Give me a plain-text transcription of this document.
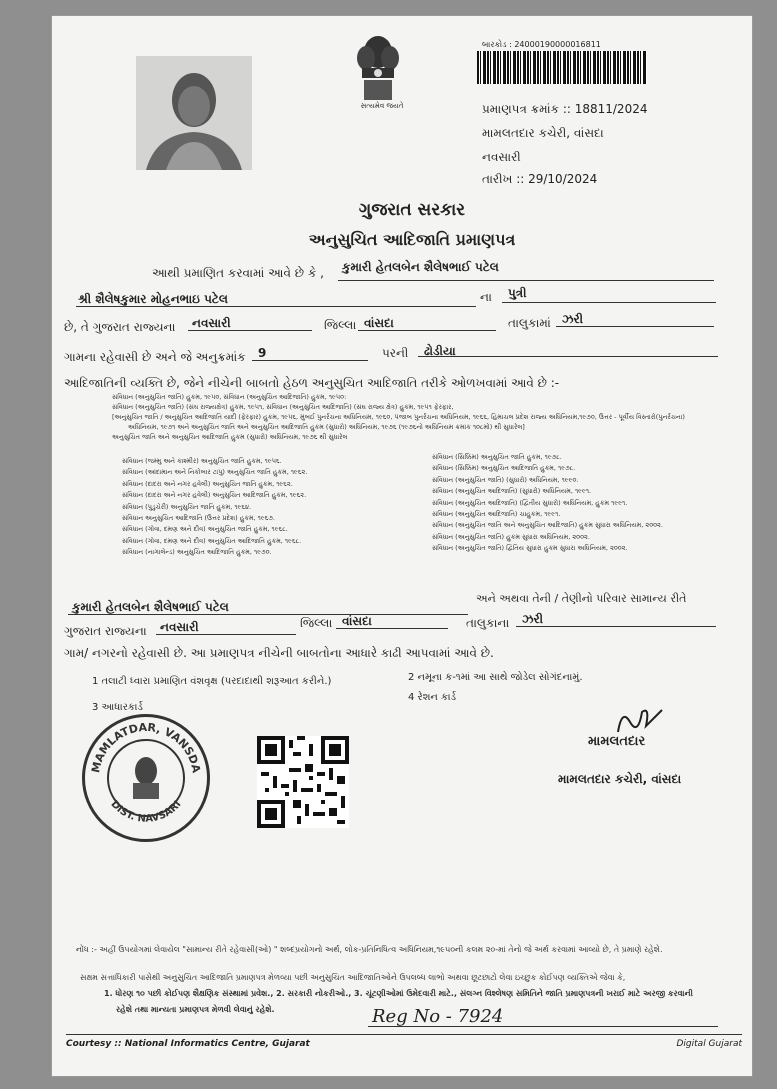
સત્યમેવ જયતે
બારકોડ : 24000190000016811
પ્રમાણપત્ર ક્રમાંક :: 18811/2024
મામલતદાર કચેરી, વાંસદા
નવસારી
તારીખ :: 29/10/2024
ગુજરાત સરકાર
અનુસુચિત આદિજાતિ પ્રમાણપત્ર
આથી પ્રમાણિત કરવામાં આવે છે કે , કુમારી હેતલબેન શૈલેષભાઈ પટેલ
શ્રી શૈલેષકુમાર મોહનભાઇ પટેલ	ના પુત્રી
છે, તે ગુજરાત રાજ્યના નવસારી	જિલ્લા વાંસદા	તાલુકામાં ઝરી
ગામના રહેવાસી છે અને જે અનુક્રમાંક 9	પરની ઢોડીયા
આદિજાતિની વ્યક્તિ છે, જેને નીચેની બાબતો હેઠળ અનુસુચિત આદિજાતિ તરીકે ઓળખવામાં આવે છે :-
સંવિધાન (અનુસુચિત જાતિ) હુકમ, ૧૯૫૦, સંવિધાન (અનુસુચિત આદિજાતિ) હુકમ, ૧૯૫૦:
સંવિધાન (અનુસુચિત જાતિ) (સંઘ રાજ્યક્ષેત્ર) હુકમ, ૧૯૫૧, સંવિધાન (અનુસુચિત આદિજાતિ) (સંઘ રાજ્ય ક્ષેત્ર) હુકમ, ૧૯૫૧ ફેરફાર,
[અનુસુચિત જાતિ / અનુસુચિત આદિજાતિ યાદી (ફેરફાર) હુકમ, ૧૯૫૬, મુંબઈ પુનર્રચના અધિનિયમ, ૧૯૬૦, પંજાબ પુનર્રચના અધિનિયમ, ૧૯૬૬, હિમાચલ પ્રદેશ રાજ્ય અધિનિયમ,૧૯૭૦, ઉત્તર - પૂર્વીય વિસ્તારો(પુનર્રચના)
અધિનિયમ, ૧૯૭૧ અને અનુસુચિત જાતિ અને અનુસુચિત આદિજાતિ હુકમ (સુધારો) અધિનિયમ, ૧૯૭૬ (૧૯૭૬નો અધિનિયમ ક્રમાંક ૧૦૮મો) થી સુધારેલ]
અનુસુચિત જાતિ અને અનુસુચિત આદિજાતિ હુકમ (સુધારો) અધિનિયમ, ૧૯૭૬ થી સુધારેલ
સંવિધાન (જમ્મુ અને કાશ્મીર) અનુસુચિત જાતિ હુકમ, ૧૯૫૬.
સંવિધાન (આંદામાન અને નિકોબાર ટાપુ) અનુસુચિત જાતિ હુકમ, ૧૯૬૨.
સંવિધાન (દાદરા અને નગર હવેલી) અનુસુચિત જાતિ હુકમ, ૧૯૬૨.
સંવિધાન (દાદરા અને નગર હવેલી) અનુસુચિત આદિજાતિ હુકમ, ૧૯૬૨.
સંવિધાન (પુડુચેરી) અનુસુચિત જાતિ હુકમ, ૧૯૬૪.
સંવિધાન અનુસુચિત આદિજાતિ (ઉત્તર પ્રદેશ) હુકમ, ૧૯૬૭.
સંવિધાન (ગોવા, દમણ અને દીવ) અનુસુચિત જાતિ હુકમ, ૧૯૬૮.
સંવિધાન (ગોવા, દમણ અને દીવ) અનુસુચિત આદિજાતિ હુકમ, ૧૯૬૮.
સંવિધાન (નાગાલેન્ડ) અનુસુચિત આદિજાતિ હુકમ, ૧૯૭૦.
સંવિધાન (સિક્કિમ) અનુસુચિત જાતિ હુકમ, ૧૯૭૮.
સંવિધાન (સિક્કિમ) અનુસુચિત આદિજાતિ હુકમ, ૧૯૭૮.
સંવિધાન (અનુસુચિત જાતિ) (સુધારો) અધિનિયમ, ૧૯૯૦.
સંવિધાન (અનુસુચિત આદિજાતિ) (સુધારો) અધિનિયમ, ૧૯૯૧.
સંવિધાન (અનુસુચિત આદિજાતિ) (દ્વિતીય સુધારો) અધિનિયમ, હુકમ ૧૯૯૧.
સંવિધાન (અનુસુચિત આદિજાતિ) ચાહુકમ, ૧૯૯૧.
સંવિધાન (અનુસુચિત જાતિ અને અનુસુચિત આદિજાતિ) હુકમ સુધારા અધિનિયમ, ૨૦૦૨.
સંવિધાન (અનુસુચિત જાતિ) હુકમ સુધારા અધિનિયમ, ૨૦૦૨.
સંવિધાન (અનુસુચિત જાતિ) દ્વિતિય સુધારા હુકમ સુધારા અધિનિયમ, ૨૦૦૨.
અને અથવા તેની / તેણીનો પરિવાર સામાન્ય રીતે
કુમારી હેતલબેન શૈલેષભાઈ પટેલ
ગુજરાત રાજ્યના નવસારી	જિલ્લા વાંસદા	તાલુકાના ઝરી
ગામ/ નગરનો રહેવાસી છે. આ પ્રમાણપત્ર નીચેની બાબતોના આધારે કાઢી આપવામાં આવે છે.
1 તલાટી ધ્વારા પ્રમાણિત વંશવૃક્ષ (પરદાદાથી શરૂઆત કરીને.)	2 નમૂના ક-૧માં આ સાથે જોડેલ સોગંદનામું.
3 આધારકાર્ડ
4 રેશન કાર્ડ
MAMLATDAR, VANSDA
DIST. NAVSARI
મામલતદાર
મામલતદાર કચેરી, વાંસદા
નોંધ :- અહીં ઉપયોગમાં લેવાયેલ "સામાન્ય રીતે રહેવાસી(ઓ) " શબ્દપ્રયોગનો અર્થ, લોક-પ્રતિનિધિત્વ અધિનિયમ,૧૯૫૦ની કલમ ૨૦-માં તેનો જે અર્થ કરવામાં આવ્યો છે, તે પ્રમાણે રહેશે.
સક્ષમ સત્તાધિકારી પાસેથી અનુસુચિત આદિજાતિ પ્રમાણપત્ર મેળવ્યા પછી અનુસુચિત આદિજાતિઓને ઉપલબ્ધ લાભો અથવા છૂટછાટો લેવા ઇચ્છુક કોઈપણ વ્યક્તિએ જેવા કે,
1. ધોરણ ૧૦ પછી કોઈપણ શૈક્ષણિક સંસ્થામાં પ્રવેશ., 2. સરકારી નોકરીઓ., 3. ચૂંટણીઓમાં ઉમેદવારી માટે., સંલગ્ન વિશ્લેષણ સમિતિને જાતિ પ્રમાણપત્રની ખરાઈ માટે અરજી કરવાની
રહેશે તથા માન્યતા પ્રમાણપત્ર મેળવી લેવાનું રહેશે.	Reg No - 7924
Courtesy :: National Informatics Centre, Gujarat	Digital Gujarat
